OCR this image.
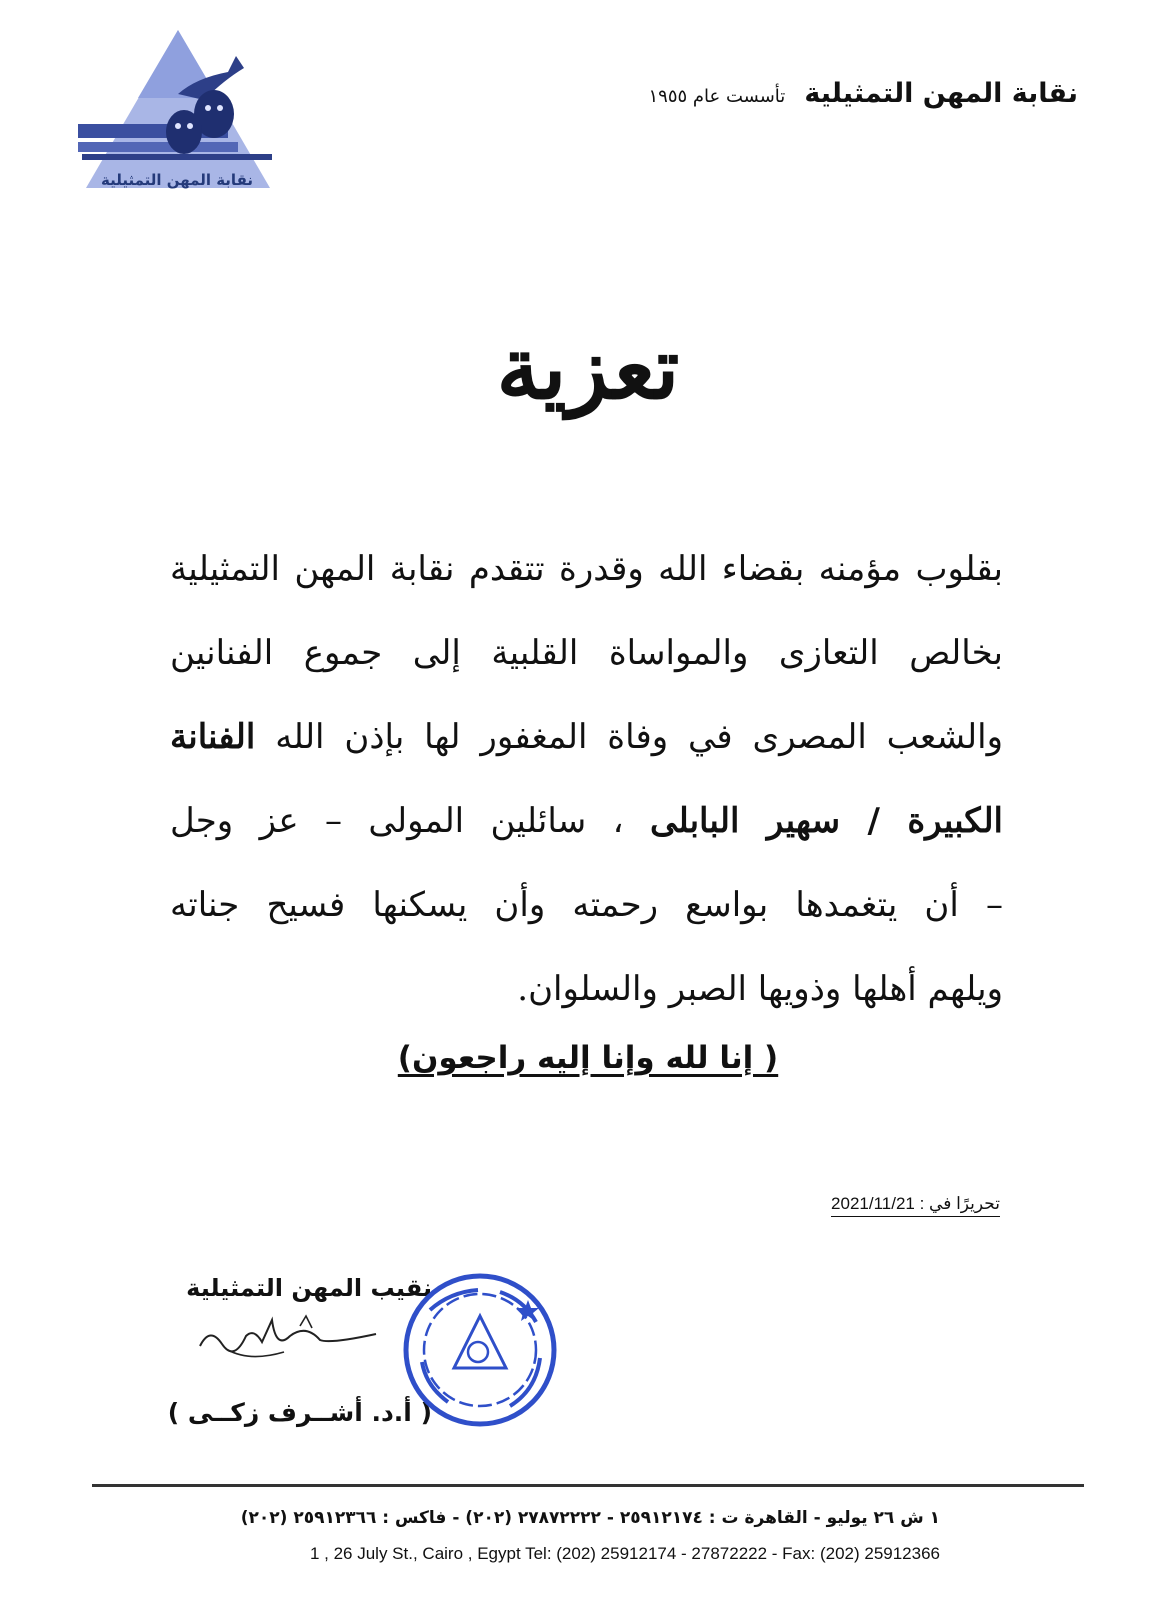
نقابة المهن التمثيلية
نقابة المهن التمثيلية تأسست عام ١٩٥٥
تعزية

بقلوب مؤمنه بقضاء الله وقدرة تتقدم نقابة المهن التمثيلية

بخالص التعازى والمواساة القلبية إلى جموع الفنانين

والشعب المصرى في وفاة المغفور لها بإذن الله الفنانة

الكبيرة / سهير البابلى ، سائلين المولى – عز وجل

– أن يتغمدها بواسع رحمته وأن يسكنها فسيح جناته

ويلهم أهلها وذويها الصبر والسلوان.

( إنا لله وإنا إليه راجعون)
تحريرًا في : 2021/11/21
نقيب المهن التمثيلية
( أ.د. أشــرف زكــى )
١ ش ٢٦ يوليو - القاهرة ت : ٢٥٩١٢١٧٤ - ٢٧٨٧٢٢٢٢ (٢٠٢) - فاكس : ٢٥٩١٢٣٦٦ (٢٠٢)
1 , 26 July St., Cairo , Egypt Tel: (202) 25912174 - 27872222 - Fax: (202) 25912366
